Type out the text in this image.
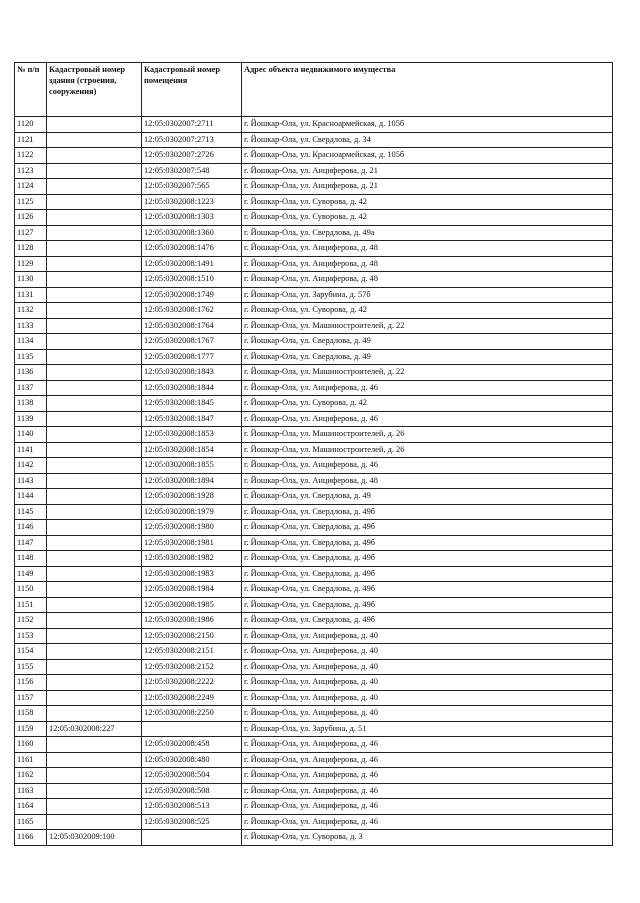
№ п/п	Кадастровый номер здания (строения, сооружения)	Кадастровый номер помещения	Адрес объекта недвижимого имущества
1120		12:05:0302007:2711	г. Йошкар-Ола, ул. Красноармейская, д. 105б
1121		12:05:0302007:2713	г. Йошкар-Ола, ул. Свердлова, д. 34
1122		12:05:0302007:2726	г. Йошкар-Ола, ул. Красноармейская, д. 105б
1123		12:05:0302007:548	г. Йошкар-Ола, ул. Анциферова, д. 21
1124		12:05:0302007:565	г. Йошкар-Ола, ул. Анциферова, д. 21
1125		12:05:0302008:1223	г. Йошкар-Ола, ул. Суворова, д. 42
1126		12:05:0302008:1303	г. Йошкар-Ола, ул. Суворова, д. 42
1127		12:05:0302008:1360	г. Йошкар-Ола, ул. Свердлова, д. 49а
1128		12:05:0302008:1476	г. Йошкар-Ола, ул. Анциферова, д. 48
1129		12:05:0302008:1491	г. Йошкар-Ола, ул. Анциферова, д. 48
1130		12:05:0302008:1510	г. Йошкар-Ола, ул. Анциферова, д. 48
1131		12:05:0302008:1749	г. Йошкар-Ола, ул. Зарубина, д. 57б
1132		12:05:0302008:1762	г. Йошкар-Ола, ул. Суворова, д. 42
1133		12:05:0302008:1764	г. Йошкар-Ола, ул. Машиностроителей, д. 22
1134		12:05:0302008:1767	г. Йошкар-Ола, ул. Свердлова, д. 49
1135		12:05:0302008:1777	г. Йошкар-Ола, ул. Свердлова, д. 49
1136		12:05:0302008:1843	г. Йошкар-Ола, ул. Машиностроителей, д. 22
1137		12:05:0302008:1844	г. Йошкар-Ола, ул. Анциферова, д. 46
1138		12:05:0302008:1845	г. Йошкар-Ола, ул. Суворова, д. 42
1139		12:05:0302008:1847	г. Йошкар-Ола, ул. Анциферова, д. 46
1140		12:05:0302008:1853	г. Йошкар-Ола, ул. Машиностроителей, д. 26
1141		12:05:0302008:1854	г. Йошкар-Ола, ул. Машиностроителей, д. 26
1142		12:05:0302008:1855	г. Йошкар-Ола, ул. Анциферова, д. 46
1143		12:05:0302008:1894	г. Йошкар-Ола, ул. Анциферова, д. 48
1144		12:05:0302008:1928	г. Йошкар-Ола, ул. Свердлова, д. 49
1145		12:05:0302008:1979	г. Йошкар-Ола, ул. Свердлова, д. 49б
1146		12:05:0302008:1980	г. Йошкар-Ола, ул. Свердлова, д. 49б
1147		12:05:0302008:1981	г. Йошкар-Ола, ул. Свердлова, д. 49б
1148		12:05:0302008:1982	г. Йошкар-Ола, ул. Свердлова, д. 49б
1149		12:05:0302008:1983	г. Йошкар-Ола, ул. Свердлова, д. 49б
1150		12:05:0302008:1984	г. Йошкар-Ола, ул. Свердлова, д. 49б
1151		12:05:0302008:1985	г. Йошкар-Ола, ул. Свердлова, д. 49б
1152		12:05:0302008:1986	г. Йошкар-Ола, ул. Свердлова, д. 49б
1153		12:05:0302008:2150	г. Йошкар-Ола, ул. Анциферова, д. 40
1154		12:05:0302008:2151	г. Йошкар-Ола, ул. Анциферова, д. 40
1155		12:05:0302008:2152	г. Йошкар-Ола, ул. Анциферова, д. 40
1156		12:05:0302008:2222	г. Йошкар-Ола, ул. Анциферова, д. 40
1157		12:05:0302008:2249	г. Йошкар-Ола, ул. Анциферова, д. 40
1158		12:05:0302008:2250	г. Йошкар-Ола, ул. Анциферова, д. 40
1159	12:05:0302008:227		г. Йошкар-Ола, ул. Зарубина, д. 51
1160		12:05:0302008:458	г. Йошкар-Ола, ул. Анциферова, д. 46
1161		12:05:0302008:480	г. Йошкар-Ола, ул. Анциферова, д. 46
1162		12:05:0302008:504	г. Йошкар-Ола, ул. Анциферова, д. 46
1163		12:05:0302008:508	г. Йошкар-Ола, ул. Анциферова, д. 46
1164		12:05:0302008:513	г. Йошкар-Ола, ул. Анциферова, д. 46
1165		12:05:0302008:525	г. Йошкар-Ола, ул. Анциферова, д. 46
1166	12:05:0302009:100		г. Йошкар-Ола, ул. Суворова, д. 3
